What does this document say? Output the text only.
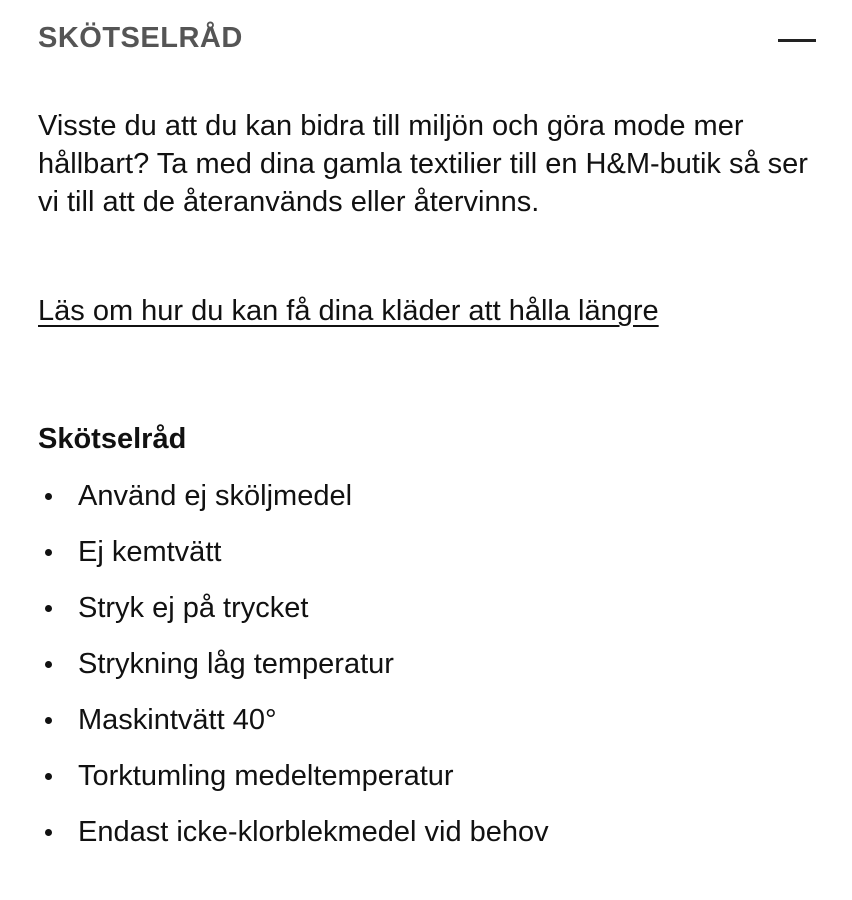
SKÖTSELRÅD

Visste du att du kan bidra till miljön och göra mode mer hållbart? Ta med dina gamla textilier till en H&M-butik så ser vi till att de återanvänds eller återvinns.

Läs om hur du kan få dina kläder att hålla längre
Skötselråd
Använd ej sköljmedel
Ej kemtvätt
Stryk ej på trycket
Strykning låg temperatur
Maskintvätt 40°
Torktumling medeltemperatur
Endast icke-klorblekmedel vid behov
